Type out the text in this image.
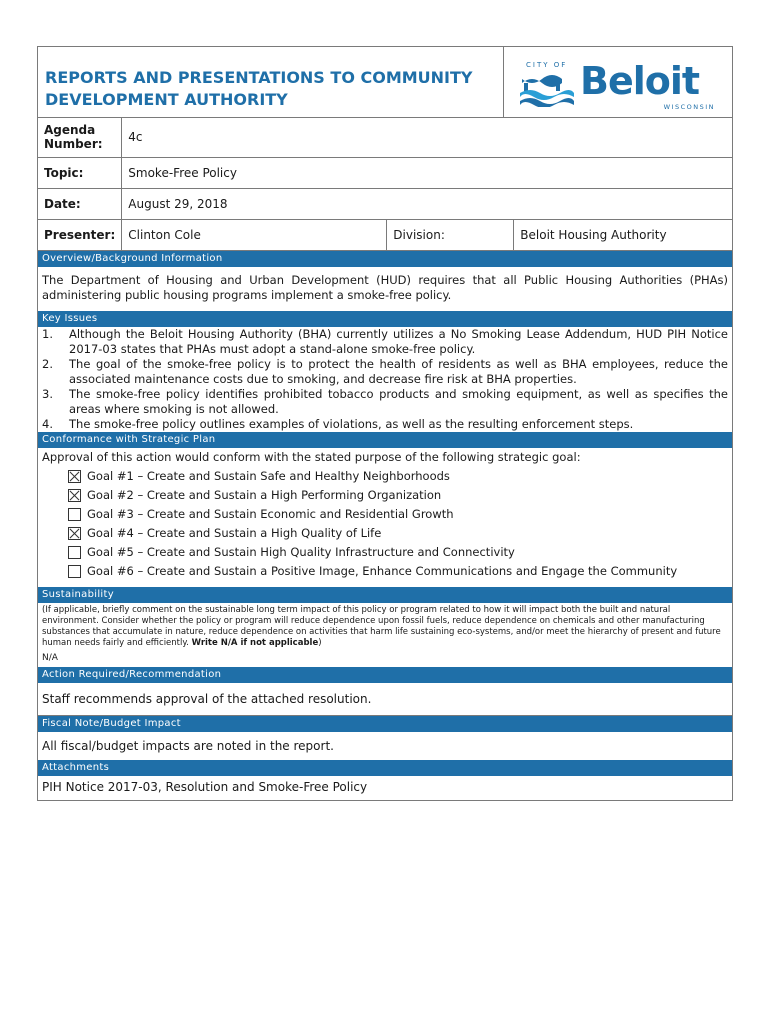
REPORTS AND PRESENTATIONS TO COMMUNITY DEVELOPMENT AUTHORITY
CITY OF Beloit
WISCONSIN
Agenda Number:	4c		
Topic:	Smoke-Free Policy		
Date:	August 29, 2018		
Presenter:	Clinton Cole	Division:	Beloit Housing Authority
Overview/Background Information
The Department of Housing and Urban Development (HUD) requires that all Public Housing Authorities (PHAs) administering public housing programs implement a smoke-free policy.
Key Issues
1.	Although the Beloit Housing Authority (BHA) currently utilizes a No Smoking Lease Addendum, HUD PIH Notice 2017-03 states that PHAs must adopt a stand-alone smoke-free policy.
2.	The goal of the smoke-free policy is to protect the health of residents as well as BHA employees, reduce the associated maintenance costs due to smoking, and decrease fire risk at BHA properties.
3.	The smoke-free policy identifies prohibited tobacco products and smoking equipment, as well as specifies the areas where smoking is not allowed.
4.	The smoke-free policy outlines examples of violations, as well as the resulting enforcement steps.
Conformance with Strategic Plan
Approval of this action would conform with the stated purpose of the following strategic goal:
Goal #1 – Create and Sustain Safe and Healthy Neighborhoods
Goal #2 – Create and Sustain a High Performing Organization
Goal #3 – Create and Sustain Economic and Residential Growth
Goal #4 – Create and Sustain a High Quality of Life
Goal #5 – Create and Sustain High Quality Infrastructure and Connectivity
Goal #6 – Create and Sustain a Positive Image, Enhance Communications and Engage the Community
Sustainability
(If applicable, briefly comment on the sustainable long term impact of this policy or program related to how it will impact both the built and natural environment. Consider whether the policy or program will reduce dependence upon fossil fuels, reduce dependence on chemicals and other manufacturing substances that accumulate in nature, reduce dependence on activities that harm life sustaining eco-systems, and/or meet the hierarchy of present and future human needs fairly and efficiently. Write N/A if not applicable)
N/A
Action Required/Recommendation
Staff recommends approval of the attached resolution.
Fiscal Note/Budget Impact
All fiscal/budget impacts are noted in the report.
Attachments
PIH Notice 2017-03, Resolution and Smoke-Free Policy
